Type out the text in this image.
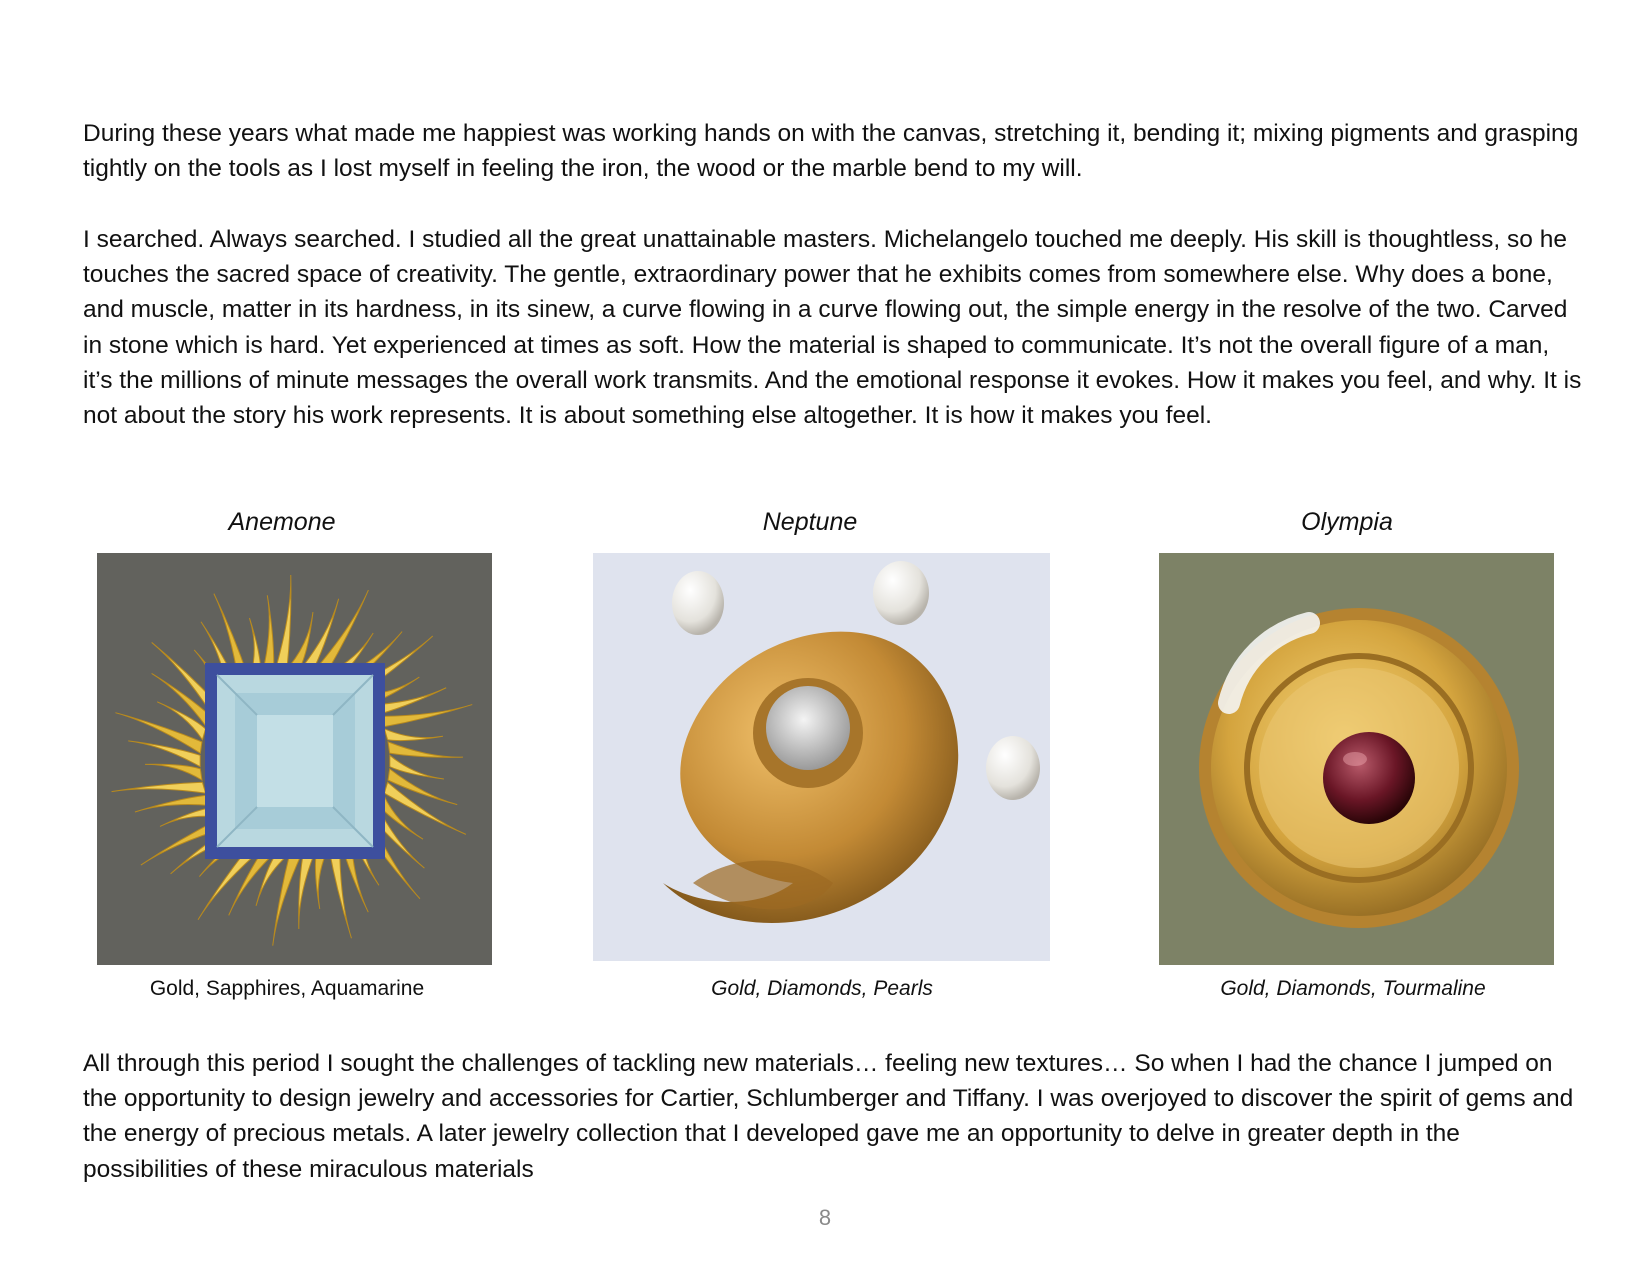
During these years what made me happiest was working hands on with the canvas, stretching it, bending it; mixing pigments and grasping tightly on the tools as I lost myself in feeling the iron, the wood or the marble bend to my will.

I searched. Always searched. I studied all the great unattainable masters. Michelangelo touched me deeply. His skill is thoughtless, so he touches the sacred space of creativity. The gentle, extraordinary power that he exhibits comes from somewhere else. Why does a bone, and muscle, matter in its hardness, in its sinew, a curve flowing in a curve flowing out, the simple energy in the resolve of the two. Carved in stone which is hard. Yet experienced at times as soft. How the material is shaped to communicate. It’s not the overall figure of a man, it’s the millions of minute messages the overall work transmits. And the emotional response it evokes. How it makes you feel, and why. It is not about the story his work represents. It is about something else altogether. It is how it makes you feel.

Anemone
Gold, Sapphires, Aquamarine
Neptune
Gold, Diamonds, Pearls
Olympia
Gold, Diamonds, Tourmaline

All through this period I sought the challenges of tackling new materials… feeling new textures… So when I had the chance I jumped on the opportunity to design jewelry and accessories for Cartier, Schlumberger and Tiffany. I was overjoyed to discover the spirit of gems and the energy of precious metals. A later jewelry collection that I developed gave me an opportunity to delve in greater depth in the possibilities of these miraculous materials

8
